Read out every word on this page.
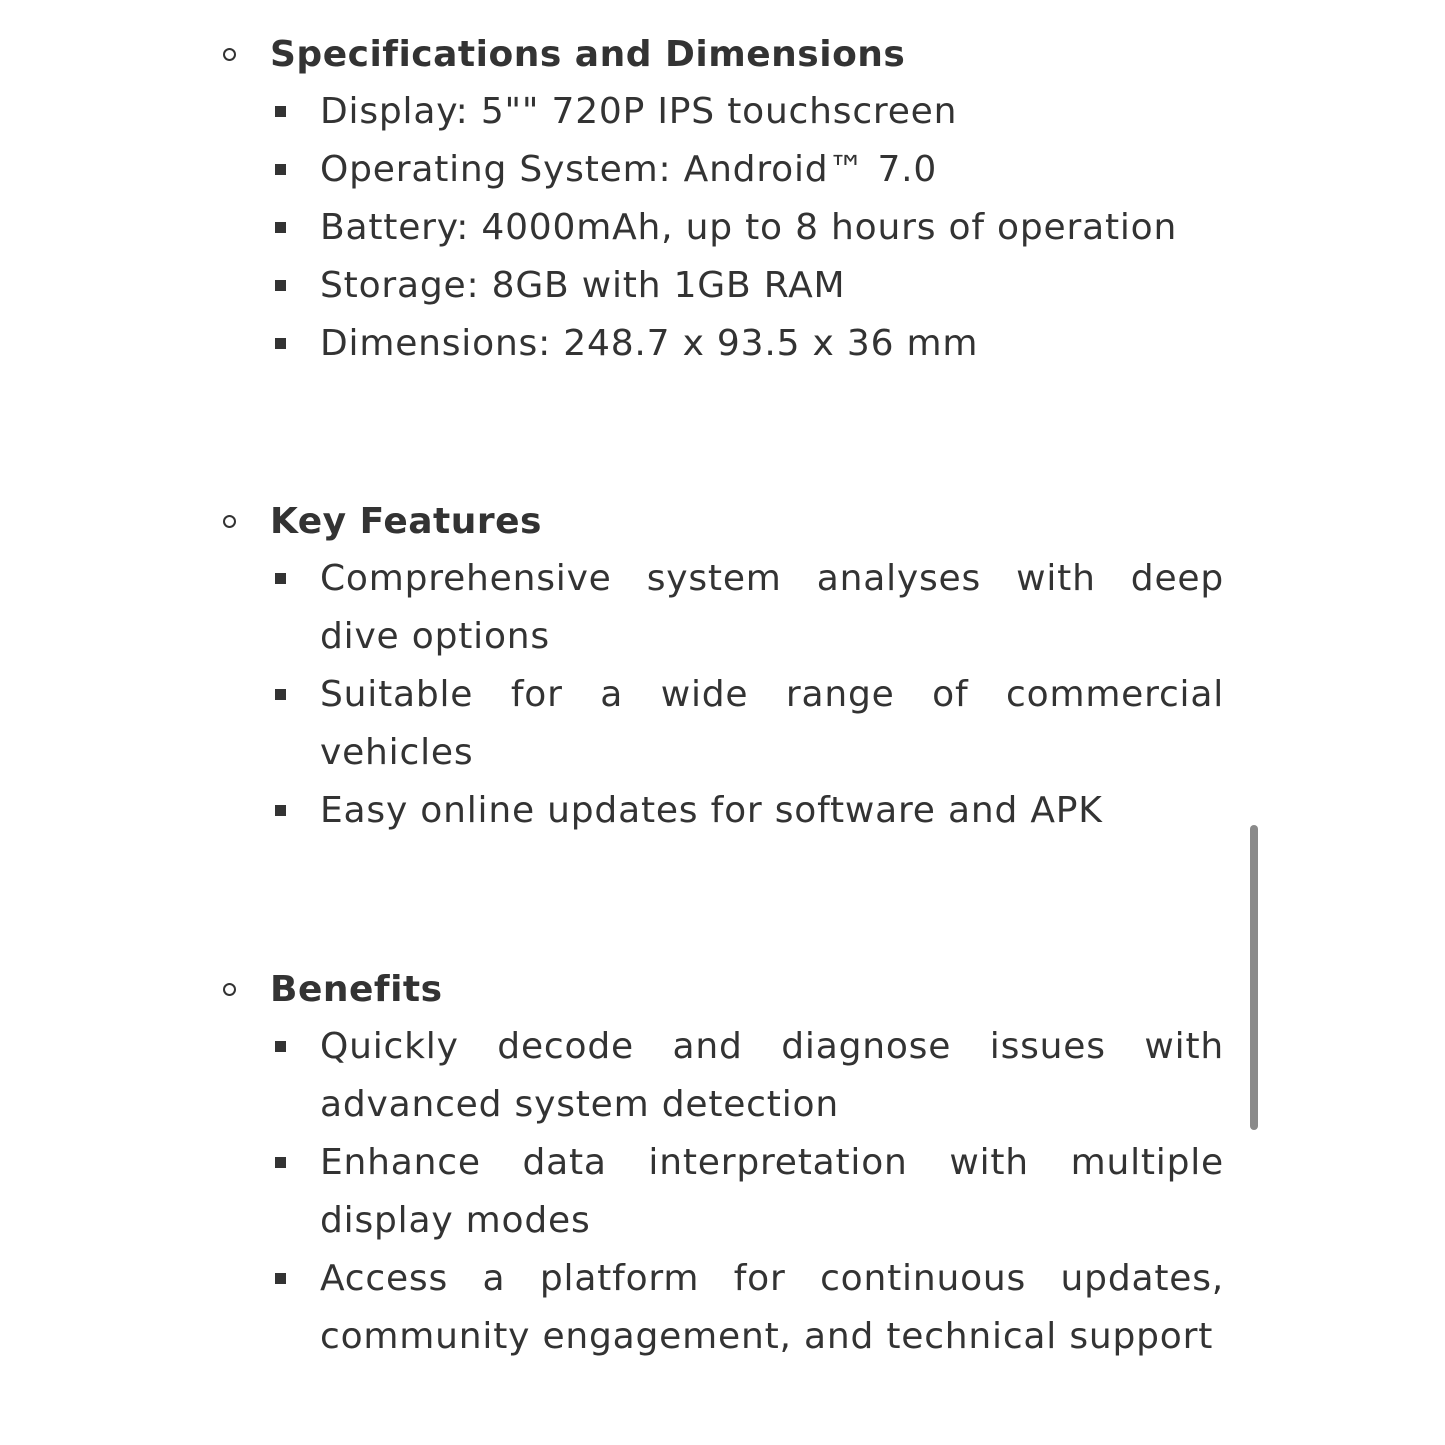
Specifications and Dimensions
Display: 5"" 720P IPS touchscreen
Operating System: Android™ 7.0
Battery: 4000mAh, up to 8 hours of operation
Storage: 8GB with 1GB RAM
Dimensions: 248.7 x 93.5 x 36 mm
Key Features
Comprehensive system analyses with deep dive options
Suitable for a wide range of commercial vehicles
Easy online updates for software and APK
Benefits
Quickly decode and diagnose issues with advanced system detection
Enhance data interpretation with multiple display modes
Access a platform for continuous updates, community engagement, and technical support
